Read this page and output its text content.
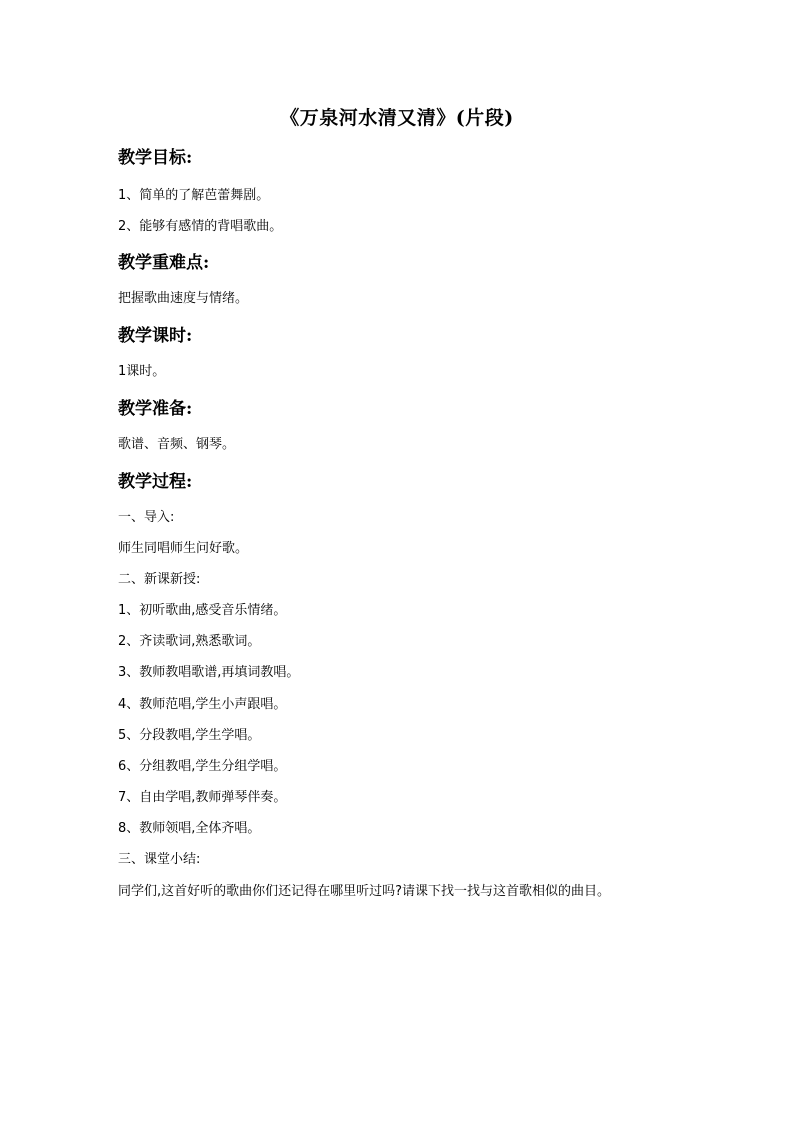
《万泉河水清又清》(片段)
教学目标:
1、简单的了解芭蕾舞剧。
2、能够有感情的背唱歌曲。
教学重难点:
把握歌曲速度与情绪。
教学课时:
1课时。
教学准备:
歌谱、音频、钢琴。
教学过程:
一、导入:
师生同唱师生问好歌。
二、新课新授:
1、初听歌曲,感受音乐情绪。
2、齐读歌词,熟悉歌词。
3、教师教唱歌谱,再填词教唱。
4、教师范唱,学生小声跟唱。
5、分段教唱,学生学唱。
6、分组教唱,学生分组学唱。
7、自由学唱,教师弹琴伴奏。
8、教师领唱,全体齐唱。
三、课堂小结:
同学们,这首好听的歌曲你们还记得在哪里听过吗?请课下找一找与这首歌相似的曲目。
